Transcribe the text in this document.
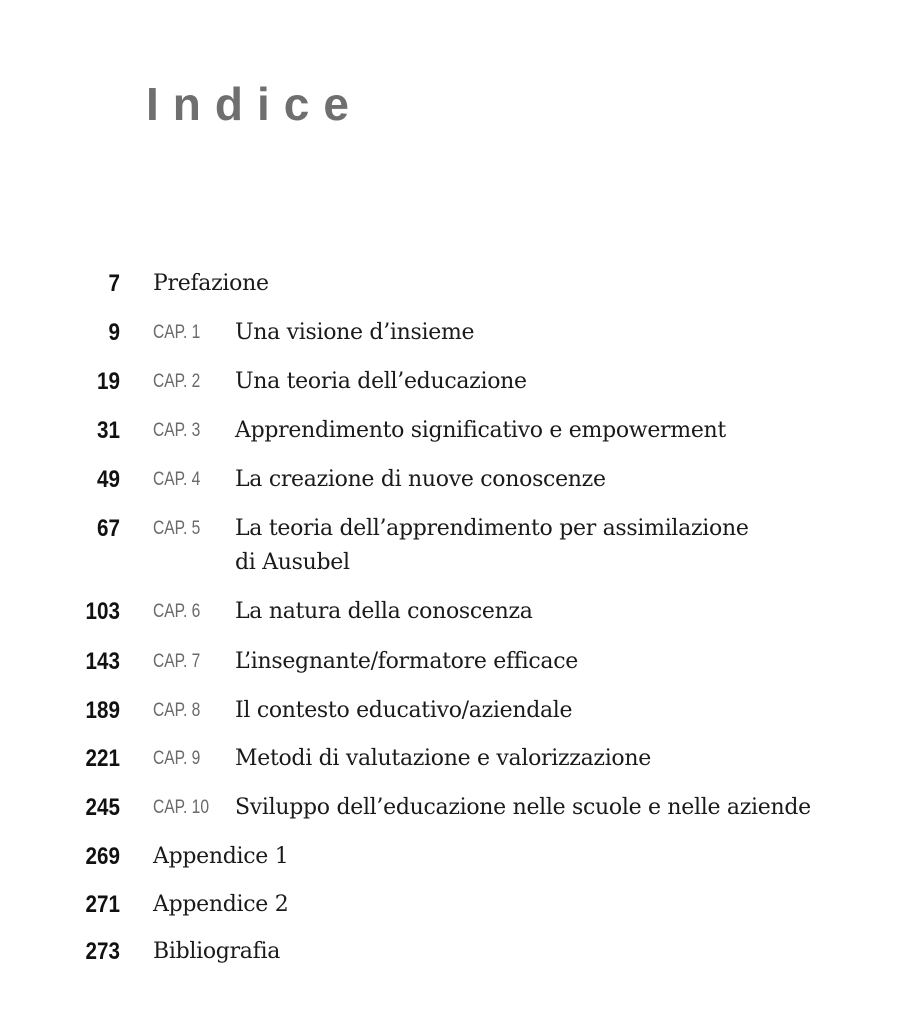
Indice
7 Prefazione
9 CAP. 1 Una visione d’insieme
19 CAP. 2 Una teoria dell’educazione
31 CAP. 3 Apprendimento significativo e empowerment
49 CAP. 4 La creazione di nuove conoscenze
67 CAP. 5 La teoria dell’apprendimento per assimilazione
di Ausubel
103 CAP. 6 La natura della conoscenza
143 CAP. 7 L’insegnante/formatore efficace
189 CAP. 8 Il contesto educativo/aziendale
221 CAP. 9 Metodi di valutazione e valorizzazione
245 CAP. 10 Sviluppo dell’educazione nelle scuole e nelle aziende
269 Appendice 1
271 Appendice 2
273 Bibliografia
